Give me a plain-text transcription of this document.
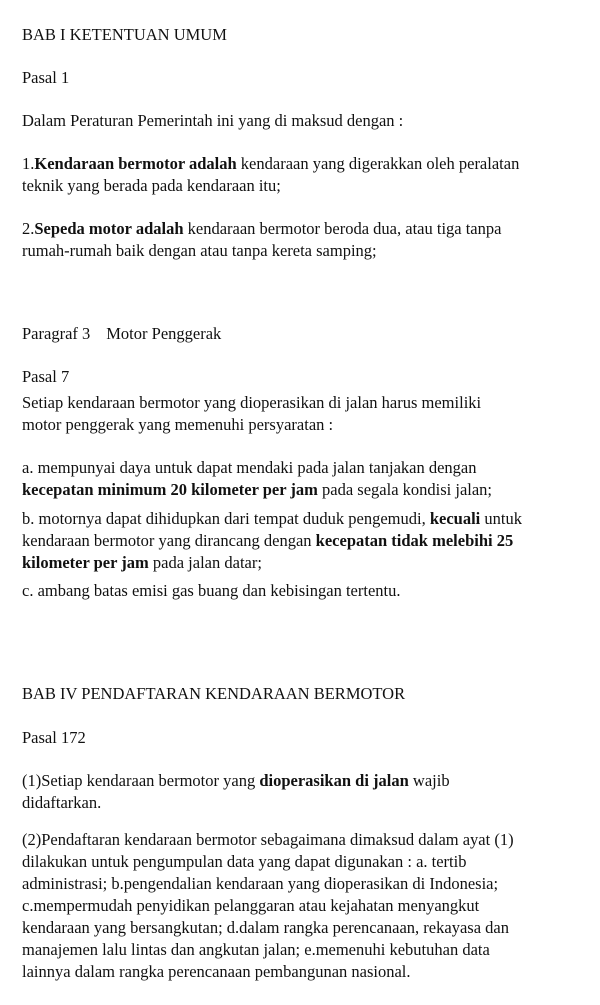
BAB I KETENTUAN UMUM
Pasal 1
Dalam Peraturan Pemerintah ini yang di maksud dengan :
1.Kendaraan bermotor adalah kendaraan yang digerakkan oleh peralatan
teknik yang berada pada kendaraan itu;
2.Sepeda motor adalah kendaraan bermotor beroda dua, atau tiga tanpa
rumah-rumah baik dengan atau tanpa kereta samping;
Paragraf 3 Motor Penggerak
Pasal 7
Setiap kendaraan bermotor yang dioperasikan di jalan harus memiliki
motor penggerak yang memenuhi persyaratan :
a. mempunyai daya untuk dapat mendaki pada jalan tanjakan dengan
kecepatan minimum 20 kilometer per jam pada segala kondisi jalan;
b. motornya dapat dihidupkan dari tempat duduk pengemudi, kecuali untuk
kendaraan bermotor yang dirancang dengan kecepatan tidak melebihi 25
kilometer per jam pada jalan datar;
c. ambang batas emisi gas buang dan kebisingan tertentu.
BAB IV PENDAFTARAN KENDARAAN BERMOTOR
Pasal 172
(1)Setiap kendaraan bermotor yang dioperasikan di jalan wajib
didaftarkan.
(2)Pendaftaran kendaraan bermotor sebagaimana dimaksud dalam ayat (1)
dilakukan untuk pengumpulan data yang dapat digunakan : a. tertib
administrasi; b.pengendalian kendaraan yang dioperasikan di Indonesia;
c.mempermudah penyidikan pelanggaran atau kejahatan menyangkut
kendaraan yang bersangkutan; d.dalam rangka perencanaan, rekayasa dan
manajemen lalu lintas dan angkutan jalan; e.memenuhi kebutuhan data
lainnya dalam rangka perencanaan pembangunan nasional.
